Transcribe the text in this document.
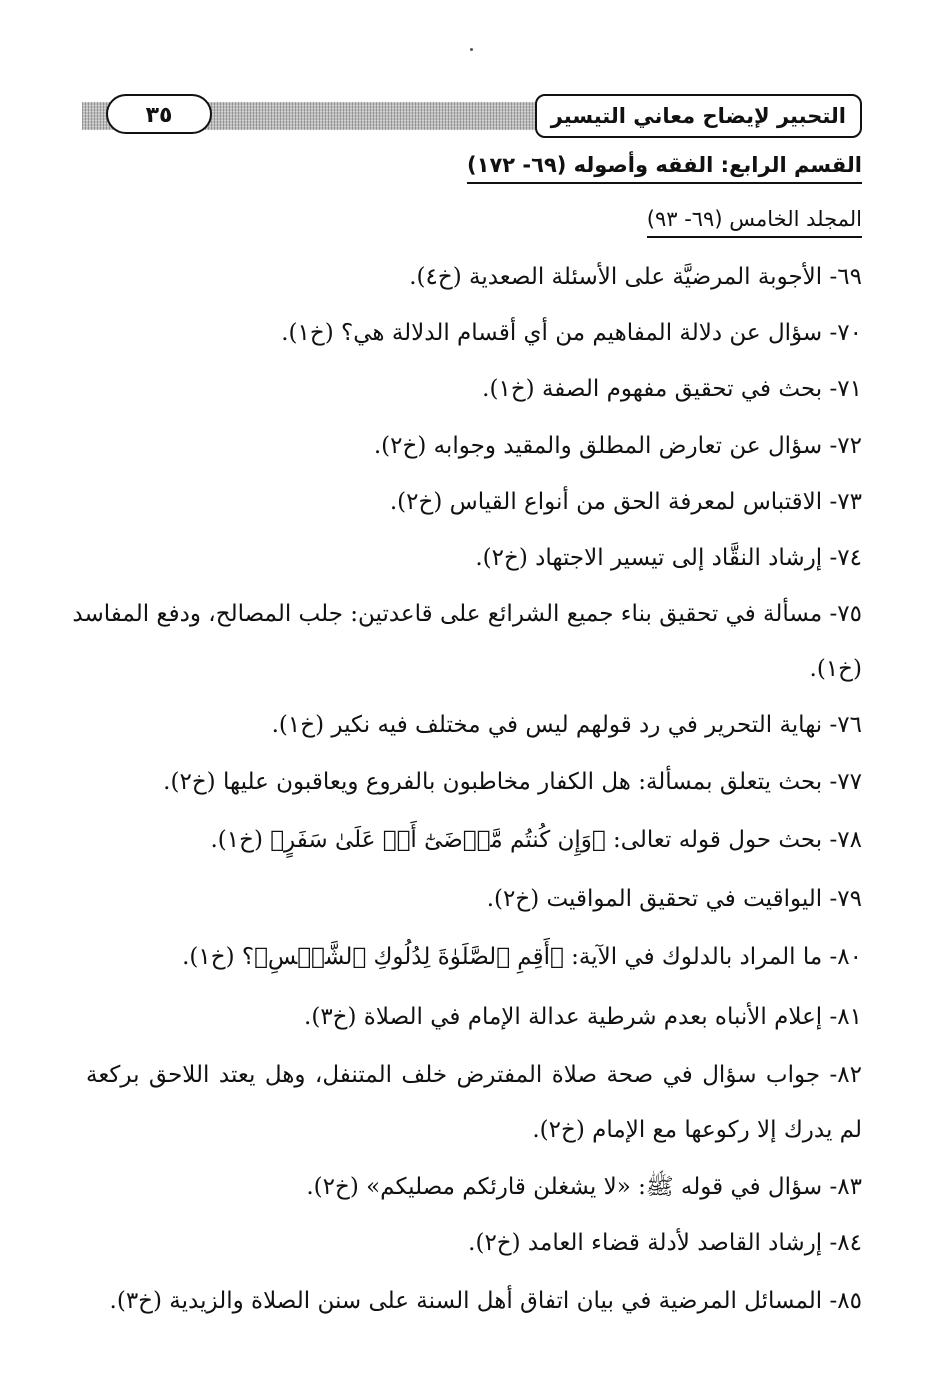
٣٥	التحبير لإيضاح معاني التيسير
القسم الرابع: الفقه وأصوله (٦٩- ١٧٢)
المجلد الخامس (٦٩- ٩٣)
٦٩- الأجوبة المرضيَّة على الأسئلة الصعدية (خ٤).
٧٠- سؤال عن دلالة المفاهيم من أي أقسام الدلالة هي؟ (خ١).
٧١- بحث في تحقيق مفهوم الصفة (خ١).
٧٢- سؤال عن تعارض المطلق والمقيد وجوابه (خ٢).
٧٣- الاقتباس لمعرفة الحق من أنواع القياس (خ٢).
٧٤- إرشاد النقَّاد إلى تيسير الاجتهاد (خ٢).
٧٥- مسألة في تحقيق بناء جميع الشرائع على قاعدتين: جلب المصالح، ودفع المفاسد
(خ١).
٧٦- نهاية التحرير في رد قولهم ليس في مختلف فيه نكير (خ١).
٧٧- بحث يتعلق بمسألة: هل الكفار مخاطبون بالفروع ويعاقبون عليها (خ٢).
٧٨- بحث حول قوله تعالى: ﴿وَإِن كُنتُم مَّرۡضَىٰٓ أَوۡ عَلَىٰ سَفَرٍ﴾ (خ١).
٧٩- اليواقيت في تحقيق المواقيت (خ٢).
٨٠- ما المراد بالدلوك في الآية: ﴿أَقِمِ ٱلصَّلَوٰةَ لِدُلُوكِ ٱلشَّمۡسِ﴾؟ (خ١).
٨١- إعلام الأنباه بعدم شرطية عدالة الإمام في الصلاة (خ٣).
٨٢- جواب سؤال في صحة صلاة المفترض خلف المتنفل، وهل يعتد اللاحق بركعة
لم يدرك إلا ركوعها مع الإمام (خ٢).
٨٣- سؤال في قوله ﷺ: «لا يشغلن قارئكم مصليكم» (خ٢).
٨٤- إرشاد القاصد لأدلة قضاء العامد (خ٢).
٨٥- المسائل المرضية في بيان اتفاق أهل السنة على سنن الصلاة والزيدية (خ٣).
